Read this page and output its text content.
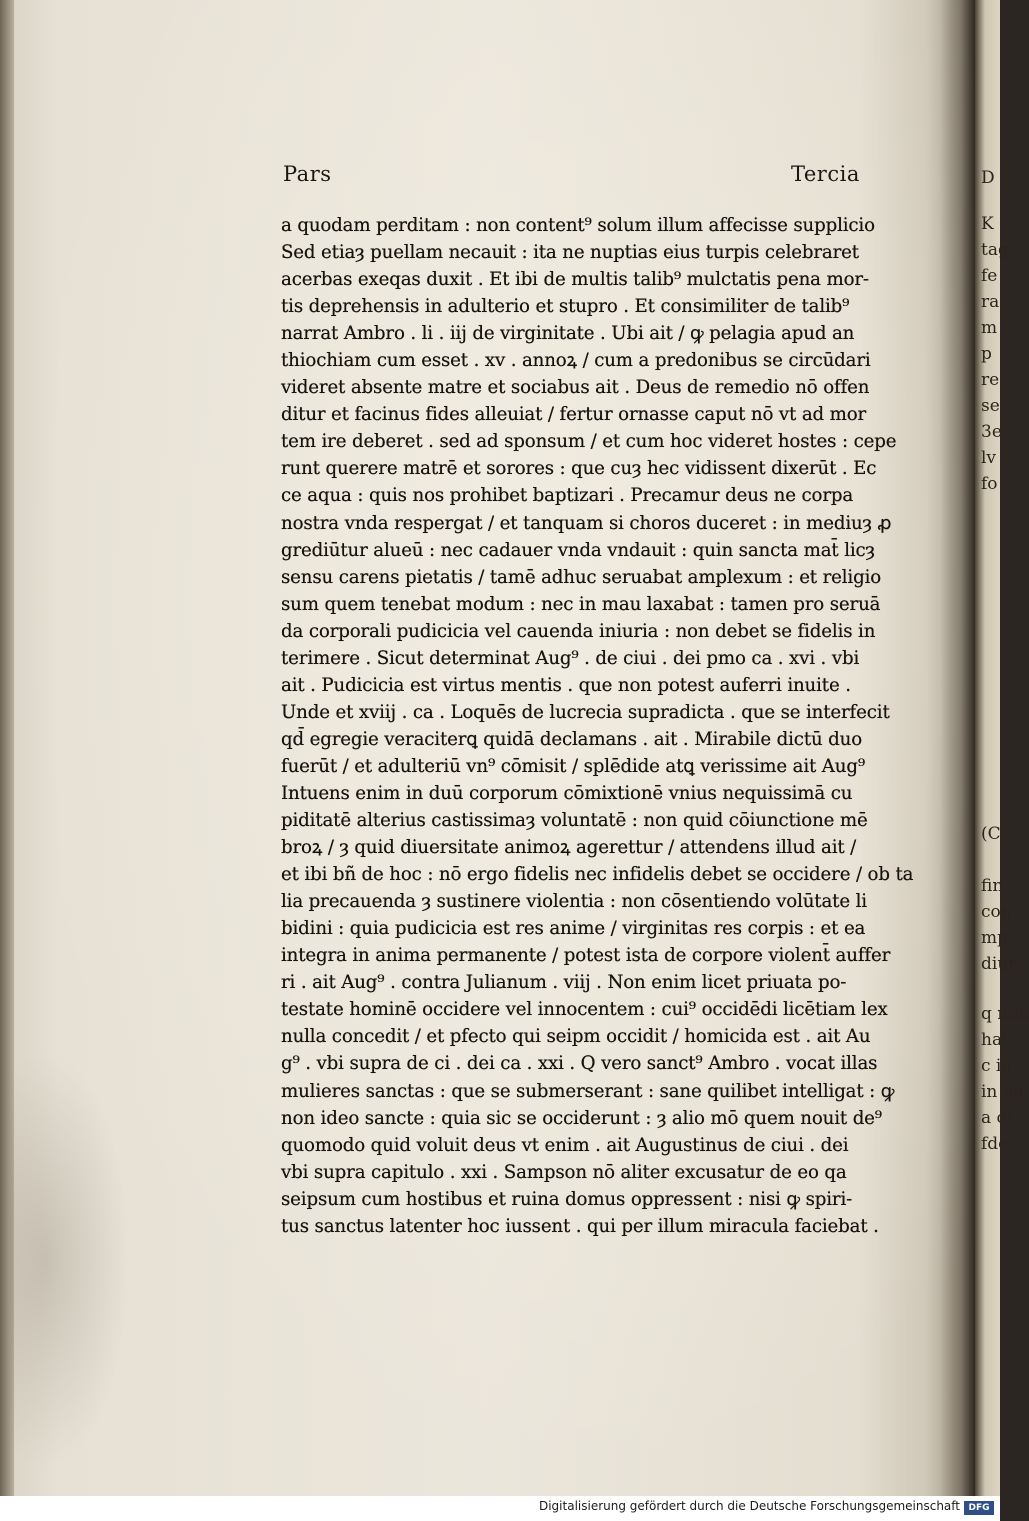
Pars	Tercia
a quodam perditam : non content⁹ solum illum affecisse supplicio
Sed etiaȝ puellam necauit : ita ne nuptias eius turpis celebraret
acerbas exeqas duxit . Et ibi de multis talib⁹ mulctatis pena mor-
tis deprehensis in adulterio et stupro . Et consimiliter de talib⁹
narrat Ambro . li . iij de virginitate . Ubi ait / ꝙ pelagia apud an
thiochiam cum esset . xv . annoꝝ / cum a predonibus se circūdari
videret absente matre et sociabus ait . Deus de remedio nō offen
ditur et facinus fides alleuiat / fertur ornasse caput nō vt ad mor
tem ire deberet . sed ad sponsum / et cum hoc videret hostes : cepe
runt querere matrē et sorores : que cuȝ hec vidissent dixerūt . Ec
ce aqua : quis nos prohibet baptizari . Precamur deus ne corpa
nostra vnda respergat / et tanquam si choros duceret : in mediuȝ ꝓ
grediūtur alueū : nec cadauer vnda vndauit : quin sancta mat̄ licȝ
sensu carens pietatis / tamē adhuc seruabat amplexum : et religio
sum quem tenebat modum : nec in mau laxabat : tamen pro seruā
da corporali pudicicia vel cauenda iniuria : non debet se fidelis in
terimere . Sicut determinat Aug⁹ . de ciui . dei pmo ca . xvi . vbi
ait . Pudicicia est virtus mentis . que non potest auferri inuite .
Unde et xviij . ca . Loquēs de lucrecia supradicta . que se interfecit
qd̄ egregie veraciterꝗ quidā declamans . ait . Mirabile dictū duo
fuerūt / et adulteriū vn⁹ cōmisit / splēdide atꝗ verissime ait Aug⁹
Intuens enim in duū corporum cōmixtionē vnius nequissimā cu
piditatē alterius castissimaȝ voluntatē : non quid cōiunctione mē
broꝝ / ȝ quid diuersitate animoꝝ agerettur / attendens illud ait /
et ibi bñ de hoc : nō ergo fidelis nec infidelis debet se occidere / ob ta
lia precauenda ȝ sustinere violentia : non cōsentiendo volūtate li
bidini : quia pudicicia est res anime / virginitas res corpis : et ea
integra in anima permanente / potest ista de corpore violent̄ auffer
ri . ait Aug⁹ . contra Julianum . viij . Non enim licet priuata po-
testate hominē occidere vel innocentem : cui⁹ occidēdi licētiam lex
nulla concedit / et pfecto qui seipm occidit / homicida est . ait Au
g⁹ . vbi supra de ci . dei ca . xxi . Q vero sanct⁹ Ambro . vocat illas
mulieres sanctas : que se submerserant : sane quilibet intelligat : ꝙ
non ideo sancte : quia sic se occiderunt : ȝ alio mō quem nouit de⁹
quomodo quid voluit deus vt enim . ait Augustinus de ciui . dei
vbi supra capitulo . xxi . Sampson nō aliter excusatur de eo qa
seipsum cum hostibus et ruina domus oppressent : nisi ꝙ spiri-
tus sanctus latenter hoc iussent . qui per illum miracula faciebat .
D
K
tag
fe
ra
m
p
re
se
3e
lv
fo
(C
fin
con
mp
diur
q non
hat
c ig
in ha
a oi
fde
Digitalisierung gefördert durch die Deutsche Forschungsgemeinschaft DFG
